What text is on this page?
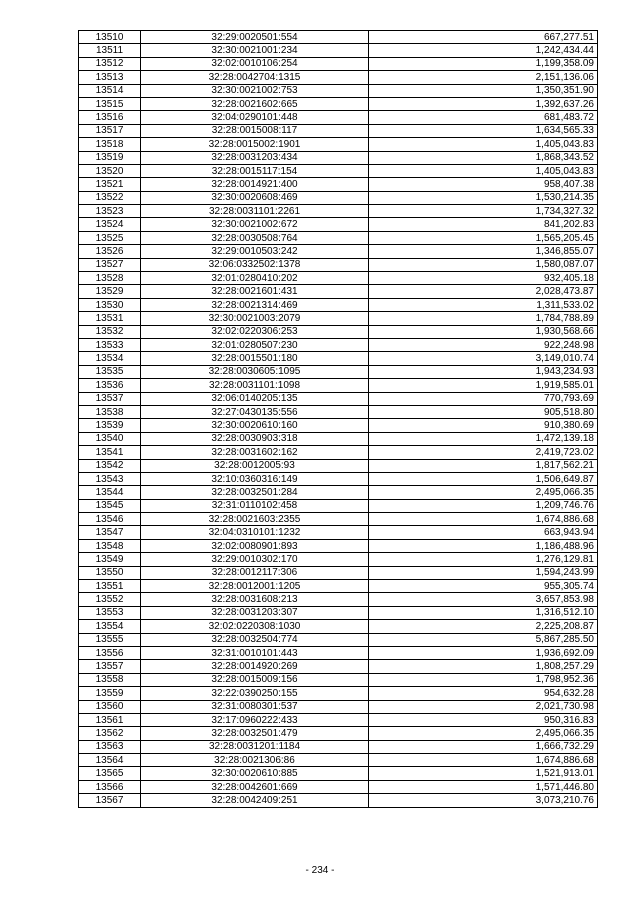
13510	32:29:0020501:554	667,277.51
13511	32:30:0021001:234	1,242,434.44
13512	32:02:0010106:254	1,199,358.09
13513	32:28:0042704:1315	2,151,136.06
13514	32:30:0021002:753	1,350,351.90
13515	32:28:0021602:665	1,392,637.26
13516	32:04:0290101:448	681,483.72
13517	32:28:0015008:117	1,634,565.33
13518	32:28:0015002:1901	1,405,043.83
13519	32:28:0031203:434	1,868,343.52
13520	32:28:0015117:154	1,405,043.83
13521	32:28:0014921:400	958,407.38
13522	32:30:0020608:469	1,530,214.35
13523	32:28:0031101:2261	1,734,327.32
13524	32:30:0021002:672	841,202.83
13525	32:28:0030508:764	1,565,205.45
13526	32:29:0010503:242	1,346,855.07
13527	32:06:0332502:1378	1,580,087.07
13528	32:01:0280410:202	932,405.18
13529	32:28:0021601:431	2,028,473.87
13530	32:28:0021314:469	1,311,533.02
13531	32:30:0021003:2079	1,784,788.89
13532	32:02:0220306:253	1,930,568.66
13533	32:01:0280507:230	922,248.98
13534	32:28:0015501:180	3,149,010.74
13535	32:28:0030605:1095	1,943,234.93
13536	32:28:0031101:1098	1,919,585.01
13537	32:06:0140205:135	770,793.69
13538	32:27:0430135:556	905,518.80
13539	32:30:0020610:160	910,380.69
13540	32:28:0030903:318	1,472,139.18
13541	32:28:0031602:162	2,419,723.02
13542	32:28:0012005:93	1,817,562.21
13543	32:10:0360316:149	1,506,649.87
13544	32:28:0032501:284	2,495,066.35
13545	32:31:0110102:458	1,209,746.76
13546	32:28:0021603:2355	1,674,886.68
13547	32:04:0310101:1232	663,943.94
13548	32:02:0080901:893	1,186,488.96
13549	32:29:0010302:170	1,276,129.81
13550	32:28:0012117:306	1,594,243.99
13551	32:28:0012001:1205	955,305.74
13552	32:28:0031608:213	3,657,853.98
13553	32:28:0031203:307	1,316,512.10
13554	32:02:0220308:1030	2,225,208.87
13555	32:28:0032504:774	5,867,285.50
13556	32:31:0010101:443	1,936,692.09
13557	32:28:0014920:269	1,808,257.29
13558	32:28:0015009:156	1,798,952.36
13559	32:22:0390250:155	954,632.28
13560	32:31:0080301:537	2,021,730.98
13561	32:17:0960222:433	950,316.83
13562	32:28:0032501:479	2,495,066.35
13563	32:28:0031201:1184	1,666,732.29
13564	32:28:0021306:86	1,674,886.68
13565	32:30:0020610:885	1,521,913.01
13566	32:28:0042601:669	1,571,446.80
13567	32:28:0042409:251	3,073,210.76
- 234 -
